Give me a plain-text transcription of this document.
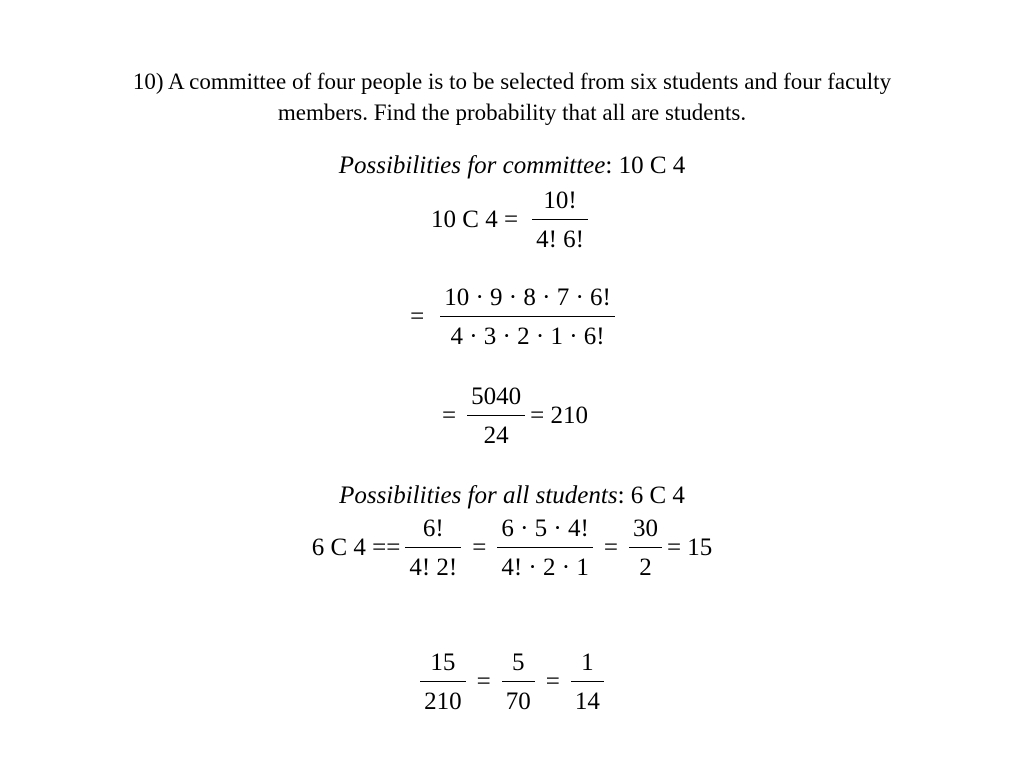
10) A committee of four people is to be selected from six students and four faculty
members. Find the probability that all are students.
Possibilities for committee : 10 C 4
10 C $4 = \frac{10!}{4! 6!}$
= $\frac{10 \cdot 9 \cdot 8 \cdot 7 \cdot 6!}{4 \cdot 3 \cdot 2 \cdot 1 \cdot 6!}$
= $\frac{5040}{24} = 210$
Possibilities for all students : 6 C 4
6 C $4 == \frac{6!}{4! 2!} = \frac{6 \cdot 5 \cdot 4!}{4! \cdot 2 \cdot 1} = \frac{30}{2} = 15$
$\frac{15}{210} = \frac{5}{70} = \frac{1}{14}$
